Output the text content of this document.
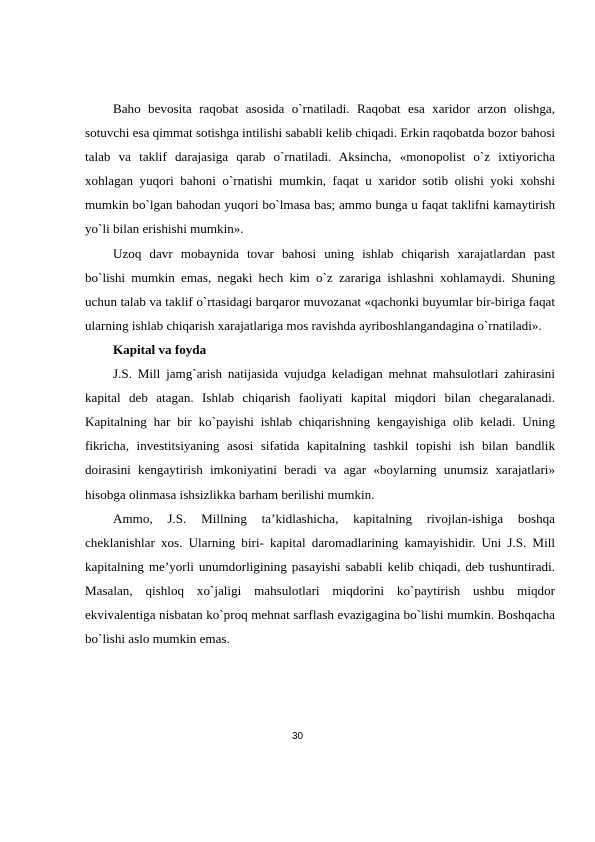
Baho bevosita raqobat asosida o`rnatiladi. Raqobat esa xaridor arzon olishga, sotuvchi esa qimmat sotishga intilishi sababli kelib chiqadi. Erkin raqobatda bozor bahosi talab va taklif darajasiga qarab o`rnatiladi. Aksincha, «monopolist o`z ixtiyoricha xohlagan yuqori bahoni o`rnatishi mumkin, faqat u xaridor sotib olishi yoki xohshi mumkin bo`lgan bahodan yuqori bo`lmasa bas; ammo bunga u faqat taklifni kamaytirish yo`li bilan erishishi mumkin».

Uzoq davr mobaynida tovar bahosi uning ishlab chiqarish xarajatlardan past bo`lishi mumkin emas, negaki hech kim o`z zarariga ishlashni xohlamaydi. Shuning uchun talab va taklif o`rtasidagi barqaror muvozanat «qachonki buyumlar bir-biriga faqat ularning ishlab chiqarish xarajatlariga mos ravishda ayriboshlangandagina o`rnatiladi».

Kapital va foyda

J.S. Mill jamg`arish natijasida vujudga keladigan mehnat mahsulotlari zahirasini kapital deb atagan. Ishlab chiqarish faoliyati kapital miqdori bilan chegaralanadi. Kapitalning har bir ko`payishi ishlab chiqarishning kengayishiga olib keladi. Uning fikricha, investitsiyaning asosi sifatida kapitalning tashkil topishi ish bilan bandlik doirasini kengaytirish imkoniyatini beradi va agar «boylarning unumsiz xarajatlari» hisobga olinmasa ishsizlikka barham berilishi mumkin.

Ammo, J.S. Millning ta’kidlashicha, kapitalning rivojlan-ishiga boshqa cheklanishlar xos. Ularning biri- kapital daromadlarining kamayishidir. Uni J.S. Mill kapitalning me’yorli unumdorligining pasayishi sababli kelib chiqadi, deb tushuntiradi. Masalan, qishloq xo`jaligi mahsulotlari miqdorini ko`paytirish ushbu miqdor ekvivalentiga nisbatan ko`proq mehnat sarflash evazigagina bo`lishi mumkin. Boshqacha bo`lishi aslo mumkin emas.

30
